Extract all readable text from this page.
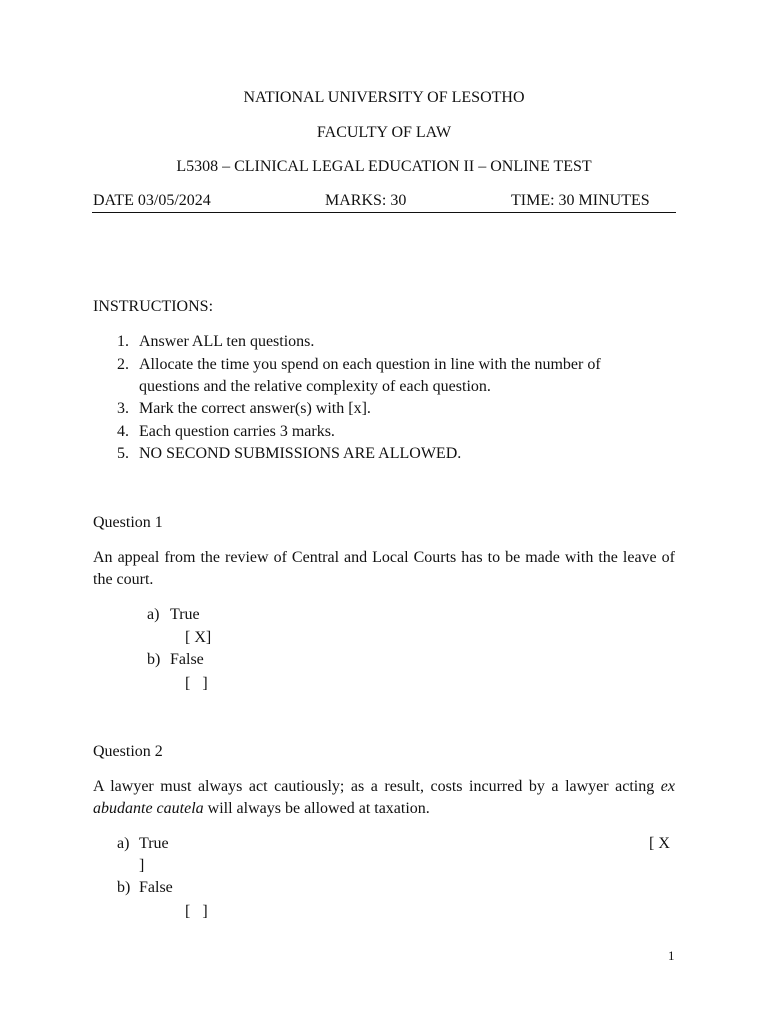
NATIONAL UNIVERSITY OF LESOTHO
FACULTY OF LAW
L5308 – CLINICAL LEGAL EDUCATION II – ONLINE TEST
DATE 03/05/2024	MARKS: 30	TIME: 30 MINUTES
INSTRUCTIONS:
1. Answer ALL ten questions.
2. Allocate the time you spend on each question in line with the number of
questions and the relative complexity of each question.
3. Mark the correct answer(s) with [x].
4. Each question carries 3 marks.
5. NO SECOND SUBMISSIONS ARE ALLOWED.
Question 1
An appeal from the review of Central and Local Courts has to be made with the leave of the court.
a) True
[ X]
b) False
[   ]
Question 2
A lawyer must always act cautiously; as a result, costs incurred by a lawyer acting ex abudante cautela will always be allowed at taxation.
a) True	[ X
]
b) False
[   ]
1
